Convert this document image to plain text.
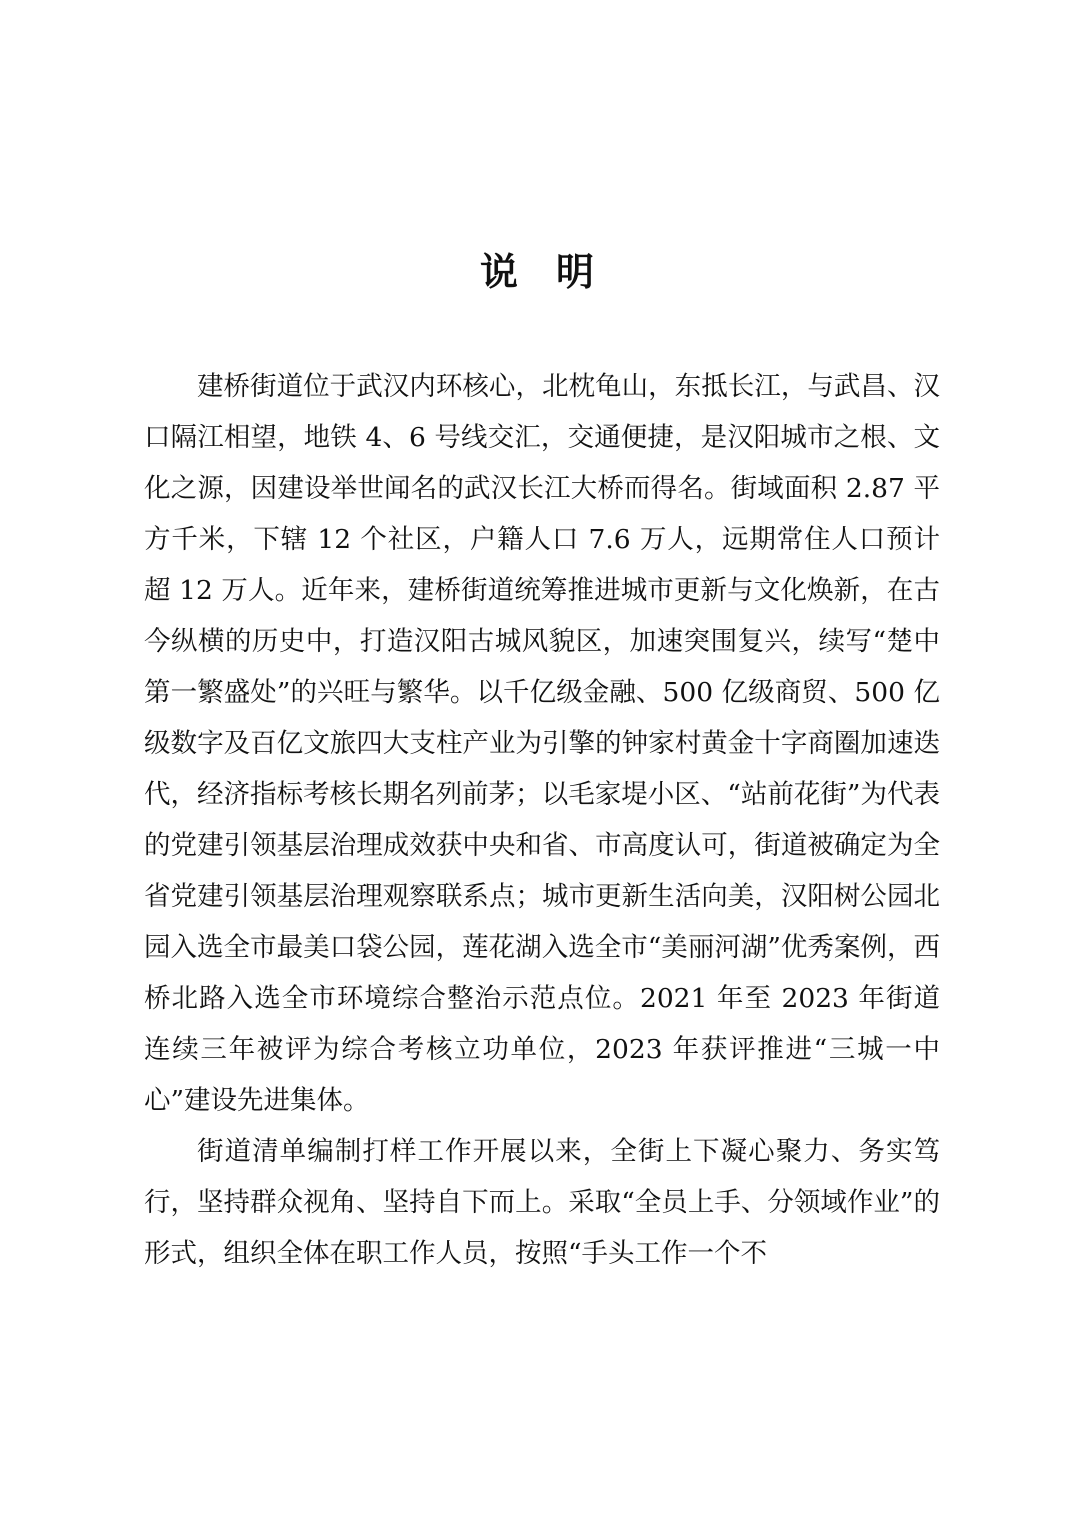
说 明

建桥街道位于武汉内环核心，北枕龟山，东抵长江，与武昌、汉口隔江相望，地铁 4、6 号线交汇，交通便捷，是汉阳城市之根、文化之源，因建设举世闻名的武汉长江大桥而得名。街域面积 2.87 平方千米，下辖 12 个社区，户籍人口 7.6 万人，远期常住人口预计超 12 万人。近年来，建桥街道统筹推进城市更新与文化焕新，在古今纵横的历史中，打造汉阳古城风貌区，加速突围复兴，续写“楚中第一繁盛处”的兴旺与繁华。以千亿级金融、500 亿级商贸、500 亿级数字及百亿文旅四大支柱产业为引擎的钟家村黄金十字商圈加速迭代，经济指标考核长期名列前茅；以毛家堤小区、“站前花街”为代表的党建引领基层治理成效获中央和省、市高度认可，街道被确定为全省党建引领基层治理观察联系点；城市更新生活向美，汉阳树公园北园入选全市最美口袋公园，莲花湖入选全市“美丽河湖”优秀案例，西桥北路入选全市环境综合整治示范点位。2021 年至 2023 年街道连续三年被评为综合考核立功单位，2023 年获评推进“三城一中心”建设先进集体。

街道清单编制打样工作开展以来，全街上下凝心聚力、务实笃行，坚持群众视角、坚持自下而上。采取“全员上手、分领域作业”的形式，组织全体在职工作人员，按照“手头工作一个不
